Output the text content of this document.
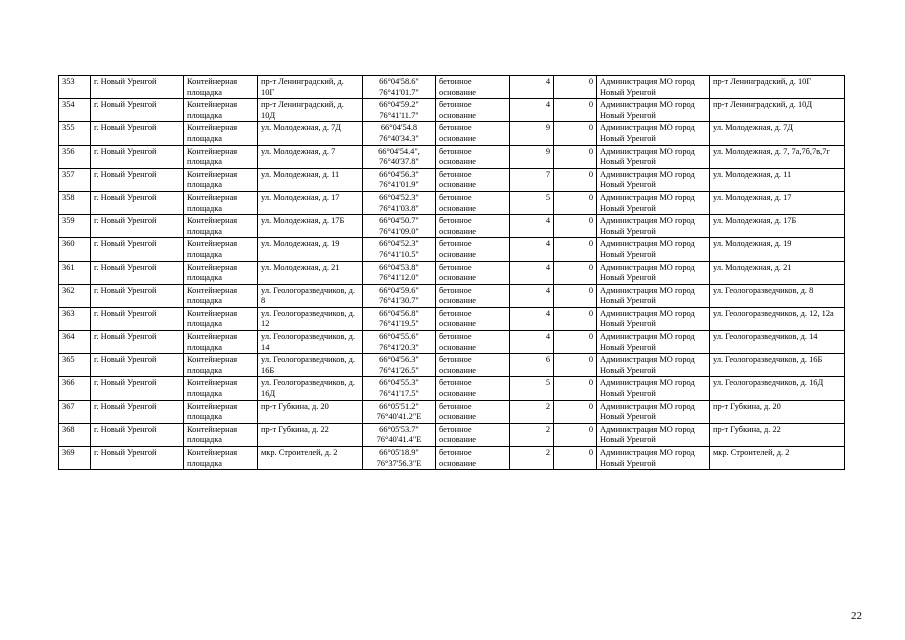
353	г. Новый Уренгой	Контейнерная площадка	пр-т Ленинградский, д. 10Г	66°04'58.6" 76°41'01.7"	бетонное основание	4	0	Администрация МО город Новый Уренгой	пр-т Ленинградский, д. 10Г
354	г. Новый Уренгой	Контейнерная площадка	пр-т Ленинградский, д. 10Д	66°04'59.2" 76°41'11.7"	бетонное основание	4	0	Администрация МО город Новый Уренгой	пр-т Ленинградский, д. 10Д
355	г. Новый Уренгой	Контейнерная площадка	ул. Молодежная, д. 7Д	66°04'54.8 76°40'34.3"	бетонное основание	9	0	Администрация МО город Новый Уренгой	ул. Молодежная, д. 7Д
356	г. Новый Уренгой	Контейнерная площадка	ул. Молодежная, д. 7	66°04'54.4", 76°40'37.8"	бетонное основание	9	0	Администрация МО город Новый Уренгой	ул. Молодежная, д. 7, 7а,7б,7в,7г
357	г. Новый Уренгой	Контейнерная площадка	ул. Молодежная, д. 11	66°04'56.3" 76°41'01.9"	бетонное основание	7	0	Администрация МО город Новый Уренгой	ул. Молодежная, д. 11
358	г. Новый Уренгой	Контейнерная площадка	ул. Молодежная, д. 17	66°04'52.3" 76°41'03.8"	бетонное основание	5	0	Администрация МО город Новый Уренгой	ул. Молодежная, д. 17
359	г. Новый Уренгой	Контейнерная площадка	ул. Молодежная, д. 17Б	66°04'50.7" 76°41'09.0"	бетонное основание	4	0	Администрация МО город Новый Уренгой	ул. Молодежная, д. 17Б
360	г. Новый Уренгой	Контейнерная площадка	ул. Молодежная, д. 19	66°04'52.3" 76°41'10.5"	бетонное основание	4	0	Администрация МО город Новый Уренгой	ул. Молодежная, д. 19
361	г. Новый Уренгой	Контейнерная площадка	ул. Молодежная, д. 21	66°04'53.8" 76°41'12.0"	бетонное основание	4	0	Администрация МО город Новый Уренгой	ул. Молодежная, д. 21
362	г. Новый Уренгой	Контейнерная площадка	ул. Геологоразведчиков, д. 8	66°04'59.6" 76°41'30.7"	бетонное основание	4	0	Администрация МО город Новый Уренгой	ул. Геологоразведчиков, д. 8
363	г. Новый Уренгой	Контейнерная площадка	ул. Геологоразведчиков, д. 12	66°04'56.8" 76°41'19.5"	бетонное основание	4	0	Администрация МО город Новый Уренгой	ул. Геологоразведчиков, д. 12, 12а
364	г. Новый Уренгой	Контейнерная площадка	ул. Геологоразведчиков, д. 14	66°04'55.6" 76°41'20.3"	бетонное основание	4	0	Администрация МО город Новый Уренгой	ул. Геологоразведчиков, д. 14
365	г. Новый Уренгой	Контейнерная площадка	ул. Геологоразведчиков, д. 16Б	66°04'56.3" 76°41'26.5"	бетонное основание	6	0	Администрация МО город Новый Уренгой	ул. Геологоразведчиков, д. 16Б
366	г. Новый Уренгой	Контейнерная площадка	ул. Геологоразведчиков, д. 16Д	66°04'55.3" 76°41'17.5"	бетонное основание	5	0	Администрация МО город Новый Уренгой	ул. Геологоразведчиков, д. 16Д
367	г. Новый Уренгой	Контейнерная площадка	пр-т Губкина, д. 20	66°05'51.2" 76°40'41.2"E	бетонное основание	2	0	Администрация МО город Новый Уренгой	пр-т Губкина, д. 20
368	г. Новый Уренгой	Контейнерная площадка	пр-т Губкина, д. 22	66°05'53.7" 76°40'41.4"E	бетонное основание	2	0	Администрация МО город Новый Уренгой	пр-т Губкина, д. 22
369	г. Новый Уренгой	Контейнерная площадка	мкр. Строителей, д. 2	66°05'18.9" 76°37'56.3"E	бетонное основание	2	0	Администрация МО город Новый Уренгой	мкр. Строителей, д. 2
22
